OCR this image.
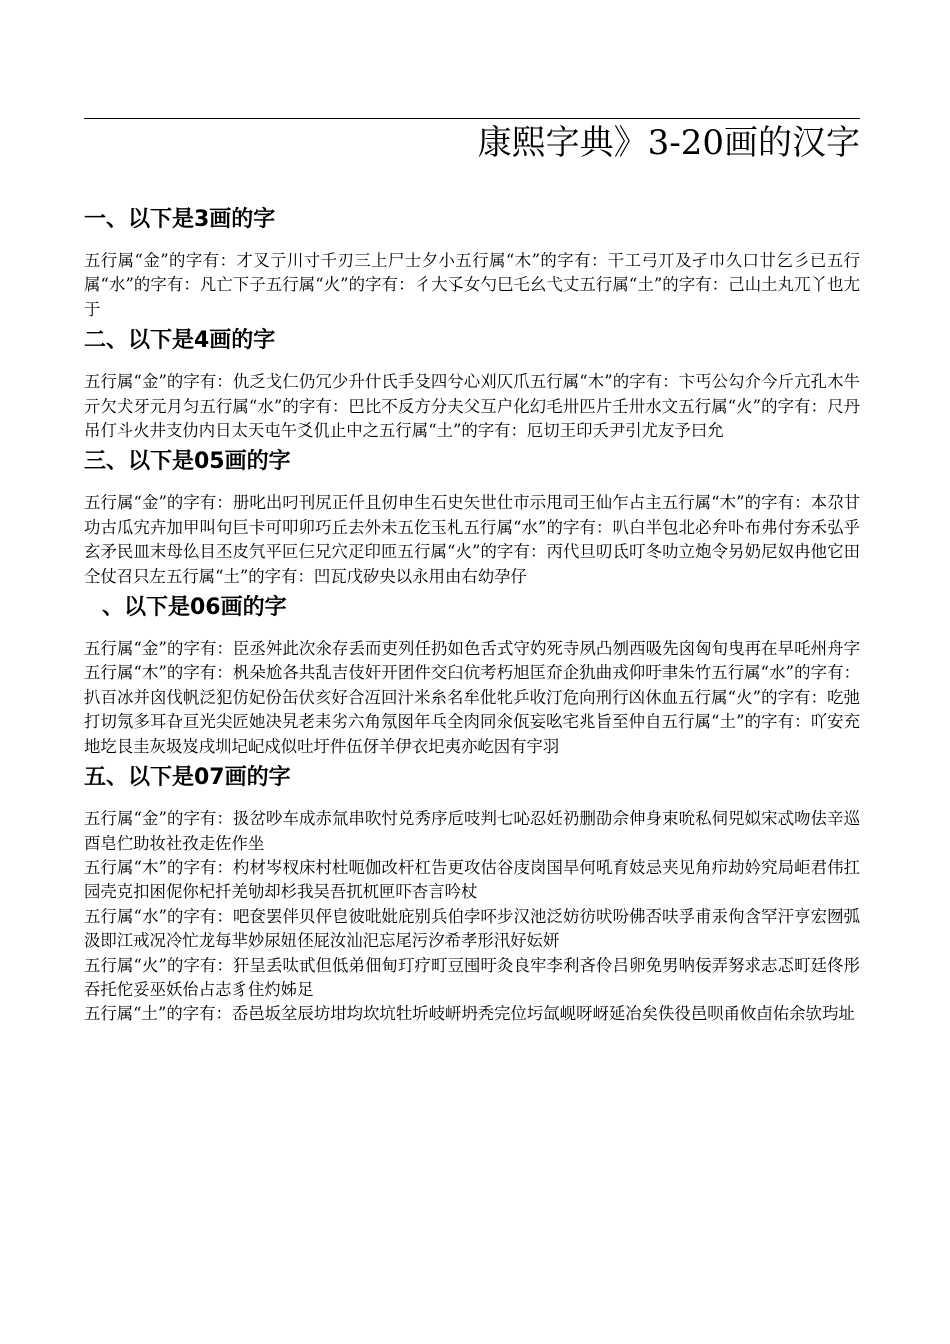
康熙字典》3-20画的汉字
一、以下是3画的字

五行属“金”的字有：才叉亍川寸千刃三上尸士夕小五行属“木”的字有：干工弓丌及孑巾久口廿乞彡已五行属“水”的字有：凡亡下子五行属“火”的字有：彳大孓女勺巳乇幺弋丈五行属“土”的字有：己山土丸兀丫也尢于

二、以下是4画的字

五行属“金”的字有：仇乏戈仁仍冗少升什氏手殳四兮心刈仄爪五行属“木”的字有：卞丐公勾介今斤亢孔木牛亓欠犬牙元月匀五行属“水”的字有：巴比不反方分夫父互户化幻毛卅匹片壬卅水文五行属“火”的字有：尺丹吊仃斗火井支仂内日太天屯午爻仉止中之五行属“土”的字有：厄切王印夭尹引尤友予曰允

三、以下是05画的字

五行属“金”的字有：册叱出叼刊尻正仟且仞申生石史矢世仕市示甩司王仙乍占主五行属“木”的字有：本尕甘功古瓜宄卉加甲叫句巨卡可叩卯巧丘去外未五仡玉札五行属“水”的字有：叭白半包北必弁卟布弗付夯禾弘乎玄矛民皿末母仫目丕皮氕平叵仨兄穴疋印匝五行属“火”的字有：丙代旦叨氐叮冬叻立炮令另奶尼奴冉他它田仝仗召只左五行属“土”的字有：凹瓦戊矽央以永用由右幼孕仔

、以下是06画的字

五行属“金”的字有：臣丞舛此次氽存丢而吏列任扔如色舌式守妁死寺夙凸刎西吸先囟匈旬曳再在早吒州舟字五行属“木”的字有：杋朵尬各共乱吉伎奸开团件交臼伉考朽旭匡夼企犰曲戎仰吁聿朱竹五行属“水”的字有：扒百冰并囟伐帆泛犯仿妃份缶伏亥好合冱回汁米糸名牟仳牝乒收汀危向刑行凶休血五行属“火”的字有：吃弛打切氖多耳旮亘光尖匠她决旯老耒劣六角氖囡年乓全肉同氽佤妄吆宅兆旨至仲自五行属“土”的字有：吖安充地圪艮圭灰圾岌戌圳圮屺戍似吐圩件伍伢羊伊衣圯夷亦屹因有宇羽

五、以下是07画的字

五行属“金”的字有：扱岔吵车成赤氚串吹忖兑秀序卮吱判七吣忍妊礽删劭佘伸身束吮私伺兕姒宋忒吻佉辛巡酉皂伫助妆社孜走佐作坐

五行属“木”的字有：杓材岑杈床村杜呃伽改杆杠告更攻估谷庋岗国旱何吼育妓忌夹见角疖劫妗究局岠君伟扛园壳克扣困伲你杞扦羌劬却杉我吴吾扤杌匣吓杏言吟杖

五行属“水”的字有：吧奁罢伴贝伻皀彼吡妣庇别兵伯孛吥步汉池泛妨彷吠吩佛否呋孚甫汞佝含罕汗亨宏囫弧汲即江戒况冷忙龙每芈妙尿妞伾屁汝汕汜忘尾污汐希孝形汛好妘妍

五行属“火”的字有：犴呈丢呔甙但低弟佃甸玎疗町豆囤旴灸良牢李利吝伶吕卵免男呐佞弄努求志忑町廷佟彤吞托佗妥巫妖佁占志豸住灼姊足

五行属“土”的字有：岙邑坂坌辰坊坩均坎坑牡圻岐岍坍秃完位圬氙岘呀岈延冶矣佚役邑呗甬攸卣佑余欤玙址
